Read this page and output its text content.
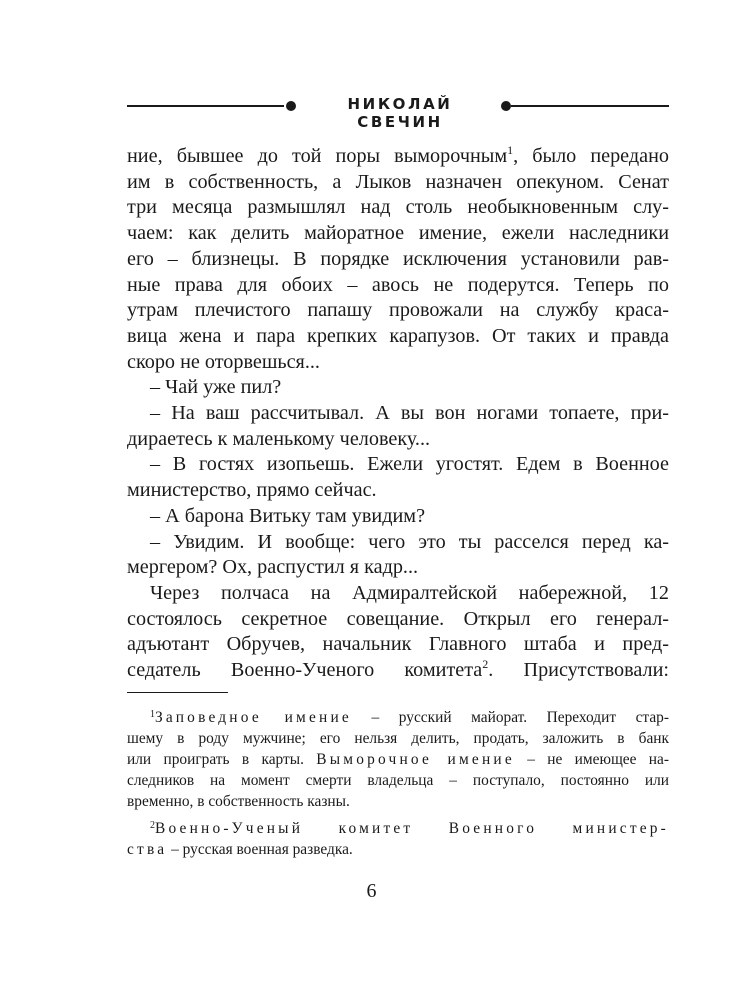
НИКОЛАЙ СВЕЧИН
ние, бывшее до той поры выморочным$^1$, было передано
им в собственность, а Лыков назначен опекуном. Сенат
три месяца размышлял над столь необыкновенным слу-
чаем: как делить майоратное имение, ежели наследники
его – близнецы. В порядке исключения установили рав-
ные права для обоих – авось не подерутся. Теперь по
утрам плечистого папашу провожали на службу краса-
вица жена и пара крепких карапузов. От таких и правда
скоро не оторвешься...
– Чай уже пил?
– На ваш рассчитывал. А вы вон ногами топаете, при-
дираетесь к маленькому человеку...
– В гостях изопьешь. Ежели угостят. Едем в Военное
министерство, прямо сейчас.
– А барона Витьку там увидим?
– Увидим. И вообще: чего это ты расселся перед ка-
мергером? Ох, распустил я кадр...
Через полчаса на Адмиралтейской набережной, 12
состоялось секретное совещание. Открыл его генерал-
адъютант Обручев, начальник Главного штаба и пред-
седатель Военно-Ученого комитета$^2$. Присутствовали:
$^1$Заповедное имение – русский майорат. Переходит стар-
шему в роду мужчине; его нельзя делить, продать, заложить в банк
или проиграть в карты. Выморочное имение – не имеющее на-
следников на момент смерти владельца – поступало, постоянно или
временно, в собственность казны.
$^2$Военно-Ученый комитет Военного министер-
ства – русская военная разведка.
6
